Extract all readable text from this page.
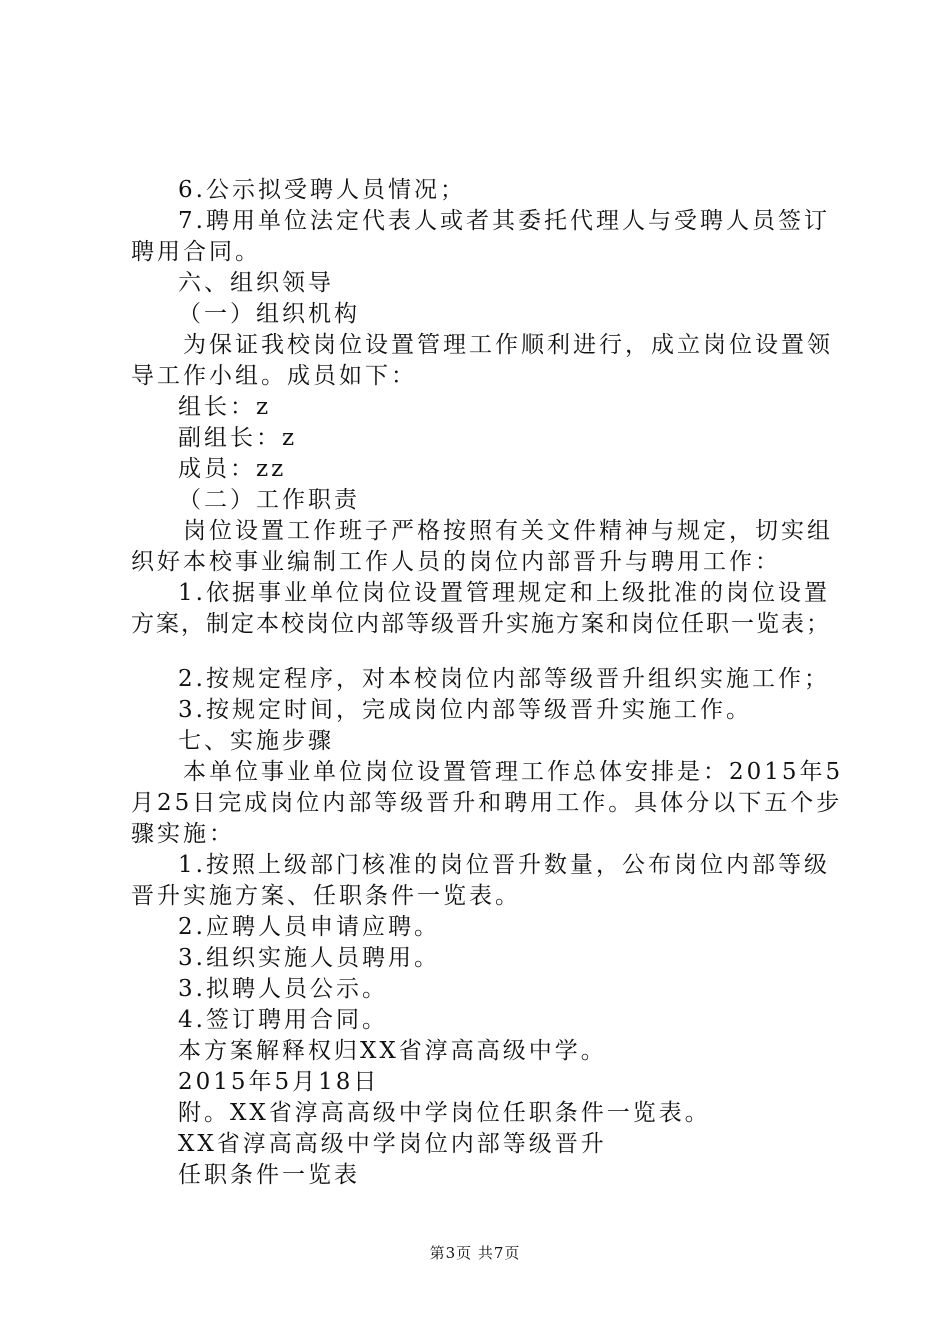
6.公示拟受聘人员情况；
7.聘用单位法定代表人或者其委托代理人与受聘人员签订
聘用合同。
六、组织领导
（一）组织机构
为保证我校岗位设置管理工作顺利进行，成立岗位设置领
导工作小组。成员如下：
组长：z
副组长：z
成员：zz
（二）工作职责
岗位设置工作班子严格按照有关文件精神与规定，切实组
织好本校事业编制工作人员的岗位内部晋升与聘用工作：
1.依据事业单位岗位设置管理规定和上级批准的岗位设置
方案，制定本校岗位内部等级晋升实施方案和岗位任职一览表；
2.按规定程序，对本校岗位内部等级晋升组织实施工作；
3.按规定时间，完成岗位内部等级晋升实施工作。
七、实施步骤
本单位事业单位岗位设置管理工作总体安排是：2015年5
月25日完成岗位内部等级晋升和聘用工作。具体分以下五个步
骤实施：
1.按照上级部门核准的岗位晋升数量，公布岗位内部等级
晋升实施方案、任职条件一览表。
2.应聘人员申请应聘。
3.组织实施人员聘用。
3.拟聘人员公示。
4.签订聘用合同。
本方案解释权归XX省淳高高级中学。
2015年5月18日
附。XX省淳高高级中学岗位任职条件一览表。
XX省淳高高级中学岗位内部等级晋升
任职条件一览表
第3页 共7页
